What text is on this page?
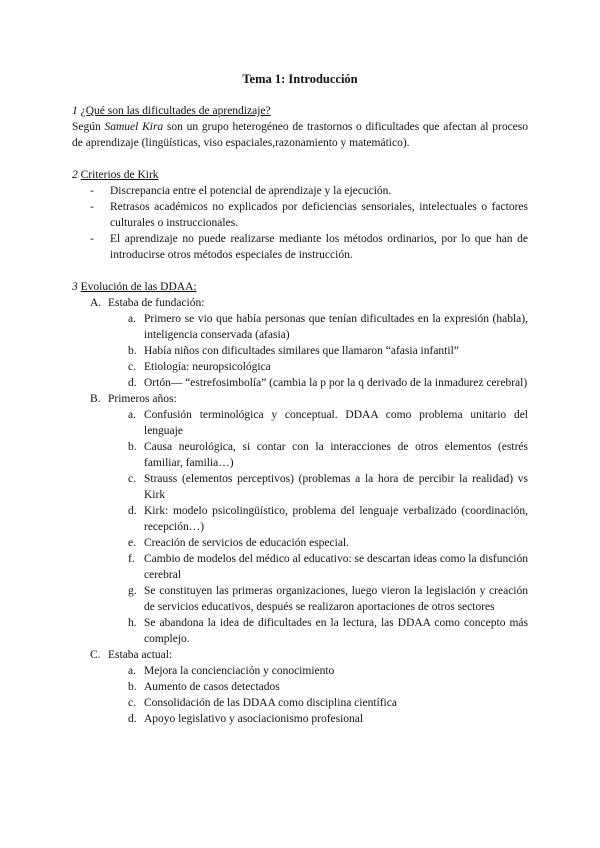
Tema 1: Introducción

1 ¿Qué son las dificultades de aprendizaje?

Según Samuel Kira son un grupo heterogéneo de trastornos o dificultades que afectan al proceso de aprendizaje (lingüísticas, viso espaciales,razonamiento y matemático).

2 Criterios de Kirk

- Discrepancia entre el potencial de aprendizaje y la ejecución.
- Retrasos académicos no explicados por deficiencias sensoriales, intelectuales o factores culturales o instruccionales.
- El aprendizaje no puede realizarse mediante los métodos ordinarios, por lo que han de introducirse otros métodos especiales de instrucción.

3 Evolución de las DDAA:

A. Estaba de fundación:
a. Primero se vio que había personas que tenían dificultades en la expresión (habla), inteligencia conservada (afasia)
b. Había niños con dificultades similares que llamaron “afasia infantil”
c. Etiología: neuropsicológica
d. Ortón— “estrefosimbolía” (cambia la p por la q derivado de la inmadurez cerebral)
B. Primeros años:
a. Confusión terminológica y conceptual. DDAA como problema unitario del lenguaje
b. Causa neurológica, si contar con la interacciones de otros elementos (estrés familiar, familia…)
c. Strauss (elementos perceptivos) (problemas a la hora de percibir la realidad) vs Kirk
d. Kirk: modelo psicolingüístico, problema del lenguaje verbalizado (coordinación, recepción…)
e. Creación de servicios de educación especial.
f. Cambio de modelos del médico al educativo: se descartan ideas como la disfunción cerebral
g. Se constituyen las primeras organizaciones, luego vieron la legislación y creación de servicios educativos, después se realizaron aportaciones de otros sectores
h. Se abandona la idea de dificultades en la lectura, las DDAA como concepto más complejo.
C. Estaba actual:
a. Mejora la concienciación y conocimiento
b. Aumento de casos detectados
c. Consolidación de las DDAA como disciplina científica
d. Apoyo legislativo y asociacionismo profesional
